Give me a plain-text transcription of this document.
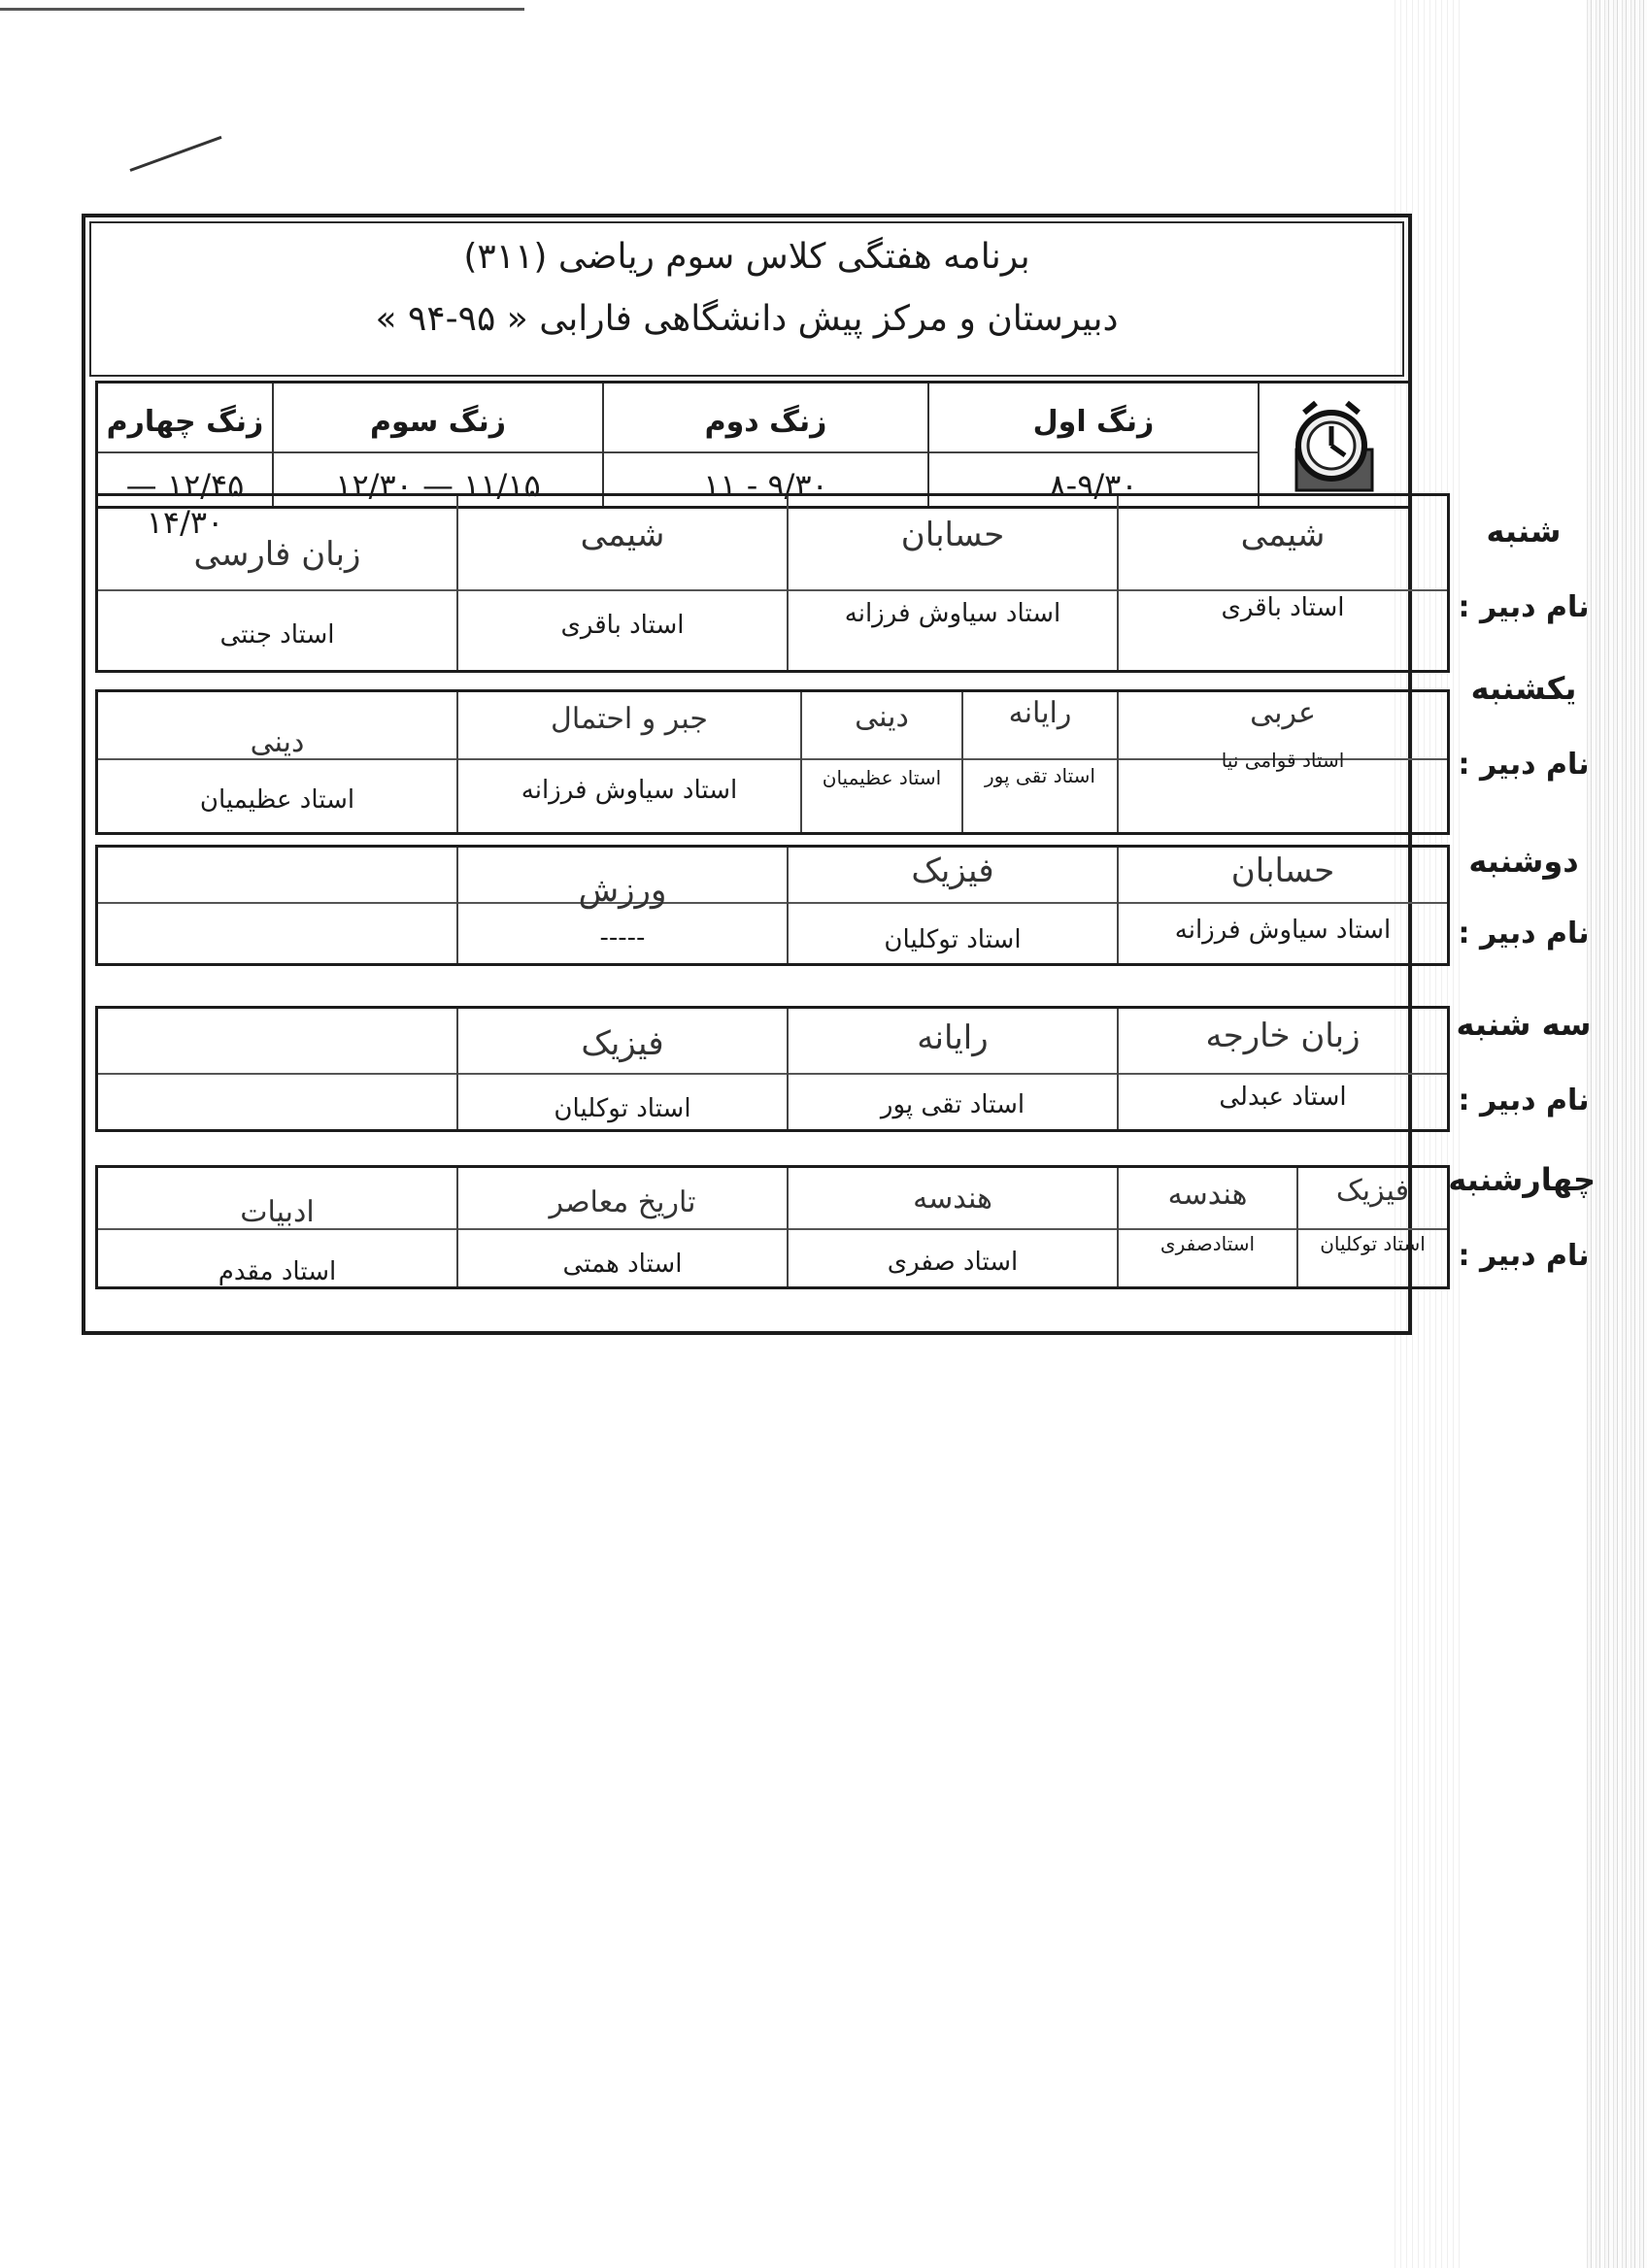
برنامه هفتگی کلاس سوم ریاضی (۳۱۱)
دبیرستان و مرکز پیش دانشگاهی فارابی « ۹۵-۹۴ »
زنگ اول
۸-۹/۳۰
زنگ دوم
۹/۳۰ - ۱۱
زنگ سوم
۱۱/۱۵ — ۱۲/۳۰
زنگ چهارم
۱۲/۴۵ — ۱۴/۳۰	شنبه
نام دبیر :
شیمی
استاد باقری
حسابان
استاد سیاوش فرزانه
شیمی
استاد باقری
زبان فارسی
استاد جنتی
یکشنبه
نام دبیر :
عربی
استاد قوامی نیا
رایانه
استاد تقی پور
دینی
استاد عظیمیان
جبر و احتمال
استاد سیاوش فرزانه
دینی
استاد عظیمیان
دوشنبه
نام دبیر :
حسابان
استاد سیاوش فرزانه
فیزیک
استاد توکلیان
ورزش
-----
سه شنبه
نام دبیر :
زبان خارجه
استاد عبدلی
رایانه
استاد تقی پور
فیزیک
استاد توکلیان
چهارشنبه
نام دبیر :
فیزیک
استاد توکلیان
هندسه
استادصفری
هندسه
استاد صفری
تاریخ معاصر
استاد همتی
ادبیات
استاد مقدم
